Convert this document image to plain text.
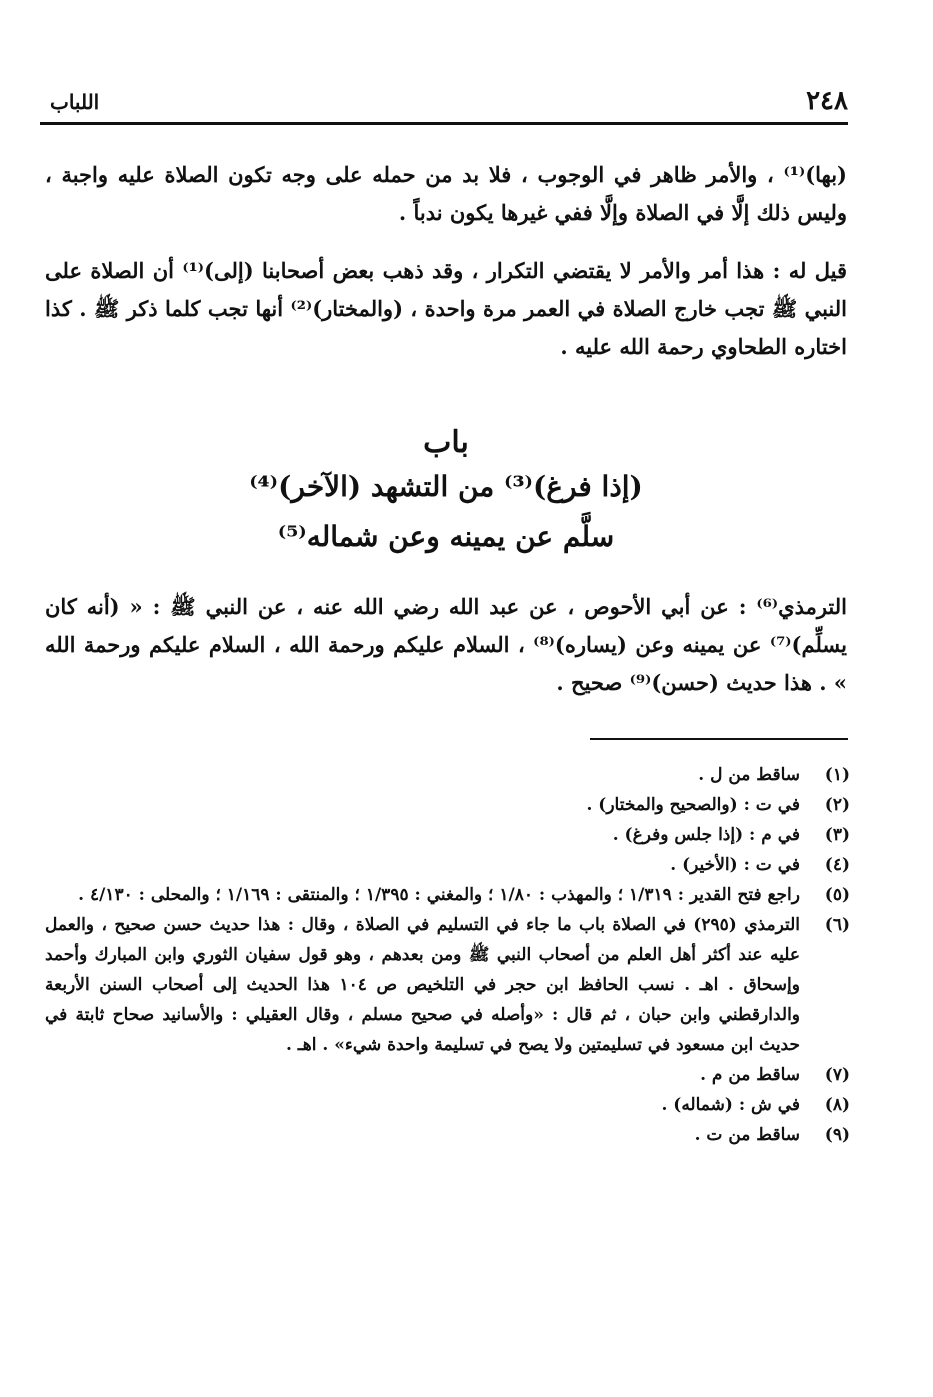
٢٤٨
اللباب
(بها)⁽¹⁾ ، والأمر ظاهر في الوجوب ، فلا بد من حمله على وجه تكون الصلاة عليه واجبة ، وليس ذلك إلَّا في الصلاة وإلَّا ففي غيرها يكون ندباً .
قيل له : هذا أمر والأمر لا يقتضي التكرار ، وقد ذهب بعض أصحابنا (إلى)⁽¹⁾ أن الصلاة على النبي ﷺ تجب خارج الصلاة في العمر مرة واحدة ، (والمختار)⁽²⁾ أنها تجب كلما ذكر ﷺ . كذا اختاره الطحاوي رحمة الله عليه .
باب
(إذا فرغ)⁽³⁾ من التشهد (الآخر)⁽⁴⁾
سلَّم عن يمينه وعن شماله⁽⁵⁾
الترمذي⁽⁶⁾ : عن أبي الأحوص ، عن عبد الله رضي الله عنه ، عن النبي ﷺ : « (أنه كان يسلِّم)⁽⁷⁾ عن يمينه وعن (يساره)⁽⁸⁾ ، السلام عليكم ورحمة الله ، السلام عليكم ورحمة الله » . هذا حديث (حسن)⁽⁹⁾ صحيح .
(١)
ساقط من ل .
(٢)
في ت : (والصحيح والمختار) .
(٣)
في م : (إذا جلس وفرغ) .
(٤)
في ت : (الأخير) .
(٥)
راجع فتح القدير : ١/٣١٩ ؛ والمهذب : ١/٨٠ ؛ والمغني : ١/٣٩٥ ؛ والمنتقى : ١/١٦٩ ؛ والمحلى : ٤/١٣٠ .
(٦)
الترمذي (٢٩٥) في الصلاة باب ما جاء في التسليم في الصلاة ، وقال : هذا حديث حسن صحيح ، والعمل عليه عند أكثر أهل العلم من أصحاب النبي ﷺ ومن بعدهم ، وهو قول سفيان الثوري وابن المبارك وأحمد وإسحاق . اهـ . نسب الحافظ ابن حجر في التلخيص ص ١٠٤ هذا الحديث إلى أصحاب السنن الأربعة والدارقطني وابن حبان ، ثم قال : «وأصله في صحيح مسلم ، وقال العقيلي : والأسانيد صحاح ثابتة في حديث ابن مسعود في تسليمتين ولا يصح في تسليمة واحدة شيء» . اهـ .
(٧)
ساقط من م .
(٨)
في ش : (شماله) .
(٩)
ساقط من ت .
